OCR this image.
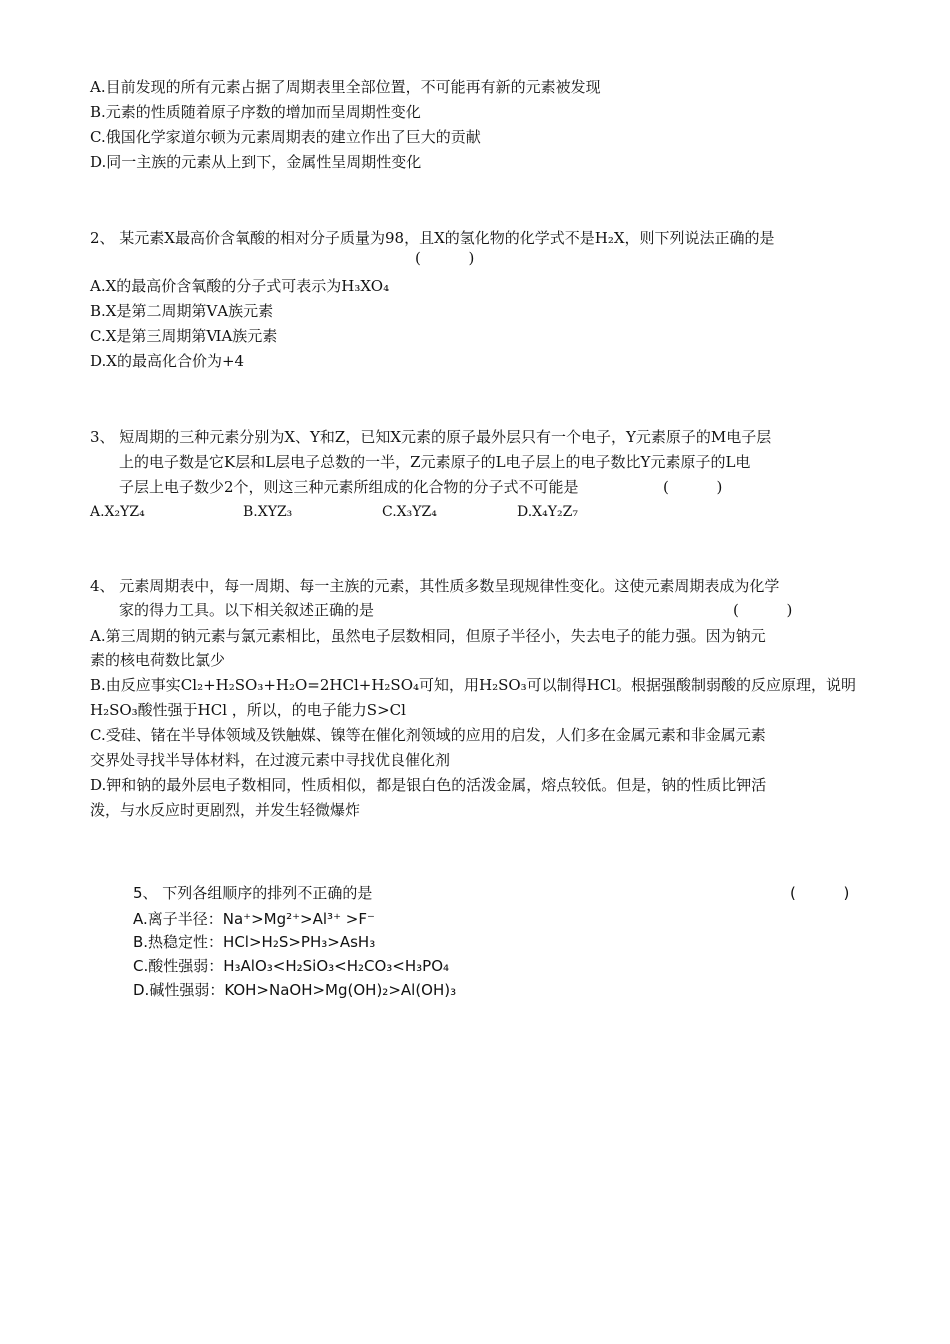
A.目前发现的所有元素占据了周期表里全部位置，不可能再有新的元素被发现
B.元素的性质随着原子序数的增加而呈周期性变化
C.俄国化学家道尔顿为元素周期表的建立作出了巨大的贡献
D.同一主族的元素从上到下，金属性呈周期性变化
2、 某元素X最高价含氧酸的相对分子质量为98，且X的氢化物的化学式不是H₂X，则下列说法正确的是
(          )
A.X的最高价含氧酸的分子式可表示为H₃XO₄
B.X是第二周期第ⅤA族元素
C.X是第三周期第ⅥA族元素
D.X的最高化合价为+4
3、 短周期的三种元素分别为X、Y和Z，已知X元素的原子最外层只有一个电子，Y元素原子的M电子层
上的电子数是它K层和L层电子总数的一半，Z元素原子的L电子层上的电子数比Y元素原子的L电
子层上电子数少2个，则这三种元素所组成的化合物的分子式不可能是	(          )
A.X₂YZ₄	B.XYZ₃	C.X₃YZ₄	D.X₄Y₂Z₇
4、 元素周期表中，每一周期、每一主族的元素，其性质多数呈现规律性变化。这使元素周期表成为化学
家的得力工具。以下相关叙述正确的是	(          )
A.第三周期的钠元素与氯元素相比，虽然电子层数相同，但原子半径小，失去电子的能力强。因为钠元
素的核电荷数比氯少
B.由反应事实Cl₂+H₂SO₃+H₂O=2HCl+H₂SO₄可知，用H₂SO₃可以制得HCl。根据强酸制弱酸的反应原理，说明
H₂SO₃酸性强于HCl ，所以，的电子能力S>Cl
C.受硅、锗在半导体领域及铁触媒、镍等在催化剂领域的应用的启发，人们多在金属元素和非金属元素
交界处寻找半导体材料，在过渡元素中寻找优良催化剂
D.钾和钠的最外层电子数相同，性质相似，都是银白色的活泼金属，熔点较低。但是，钠的性质比钾活
泼，与水反应时更剧烈，并发生轻微爆炸
5、 下列各组顺序的排列不正确的是	(          )
A.离子半径：Na⁺>Mg²⁺>Al³⁺ >F⁻
B.热稳定性：HCl>H₂S>PH₃>AsH₃
C.酸性强弱：H₃AlO₃<H₂SiO₃<H₂CO₃<H₃PO₄
D.碱性强弱：KOH>NaOH>Mg(OH)₂>Al(OH)₃
